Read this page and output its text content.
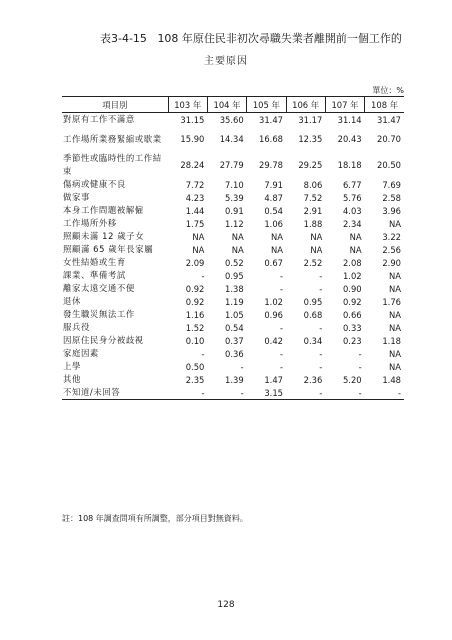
表3-4-15 108 年原住民非初次尋職失業者離開前一個工作的
主要原因
單位：%
項目別	103 年	104 年	105 年	106 年	107 年	108 年
對原有工作不滿意	31.15	35.60	31.47	31.17	31.14	31.47
工作場所業務緊縮或歇業	15.90	14.34	16.68	12.35	20.43	20.70
季節性或臨時性的工作結束	28.24	27.79	29.78	29.25	18.18	20.50
傷病或健康不良	7.72	7.10	7.91	8.06	6.77	7.69
做家事	4.23	5.39	4.87	7.52	5.76	2.58
本身工作問題被解僱	1.44	0.91	0.54	2.91	4.03	3.96
工作場所外移	1.75	1.12	1.06	1.88	2.34	NA
照顧未滿 12 歲子女	NA	NA	NA	NA	NA	3.22
照顧滿 65 歲年長家屬	NA	NA	NA	NA	NA	2.56
女性結婚或生育	2.09	0.52	0.67	2.52	2.08	2.90
課業、準備考試	-	0.95	-	-	1.02	NA
離家太遠交通不便	0.92	1.38	-	-	0.90	NA
退休	0.92	1.19	1.02	0.95	0.92	1.76
發生職災無法工作	1.16	1.05	0.96	0.68	0.66	NA
服兵役	1.52	0.54	-	-	0.33	NA
因原住民身分被歧視	0.10	0.37	0.42	0.34	0.23	1.18
家庭因素	-	0.36	-	-	-	NA
上學	0.50	-	-	-	-	NA
其他	2.35	1.39	1.47	2.36	5.20	1.48
不知道/未回答	-	-	3.15	-	-	-
註：108 年調查問項有所調整，部分項目對無資料。
128
